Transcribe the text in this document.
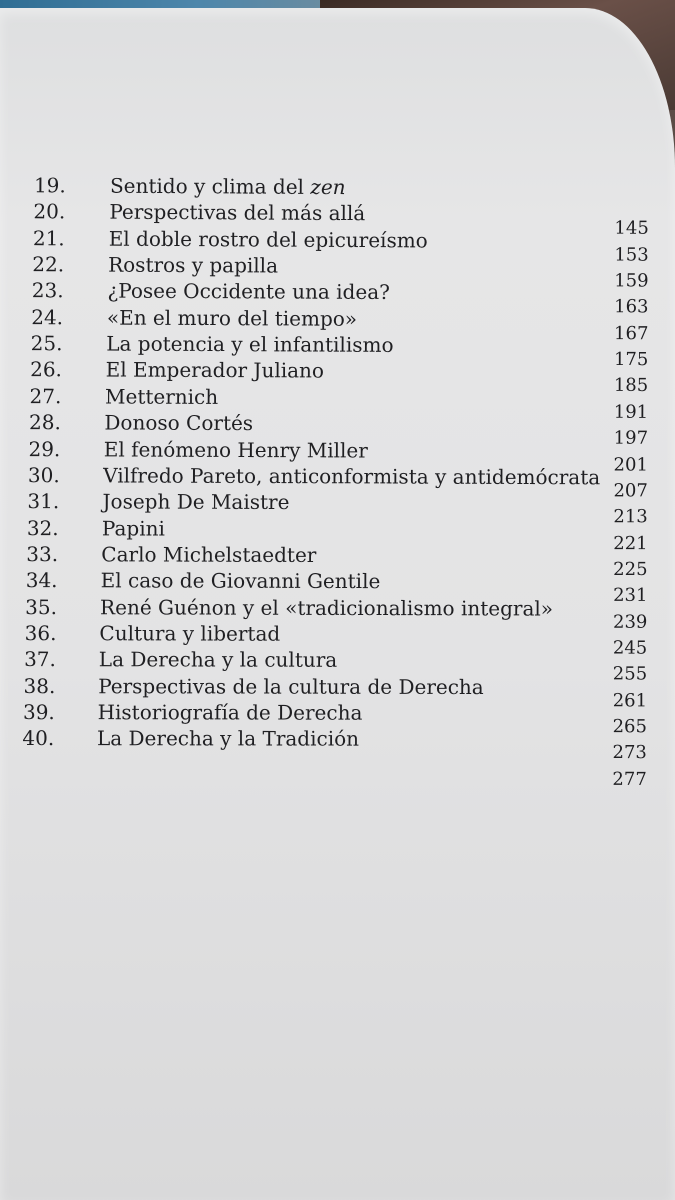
19. Sentido y clima del zen
20. Perspectivas del más allá
145
21. El doble rostro del epicureísmo
153
22. Rostros y papilla
159
23. ¿Posee Occidente una idea?
163
24. «En el muro del tiempo»
167
25. La potencia y el infantilismo
175
26. El Emperador Juliano
185
27. Metternich
191
28. Donoso Cortés
197
29. El fenómeno Henry Miller
201
30. Vilfredo Pareto, anticonformista y antidemócrata
207
31. Joseph De Maistre
213
32. Papini
221
33. Carlo Michelstaedter
225
34. El caso de Giovanni Gentile
231
35. René Guénon y el «tradicionalismo integral»
239
36. Cultura y libertad
245
37. La Derecha y la cultura
255
38. Perspectivas de la cultura de Derecha
261
39. Historiografía de Derecha
265
40. La Derecha y la Tradición
273
277
